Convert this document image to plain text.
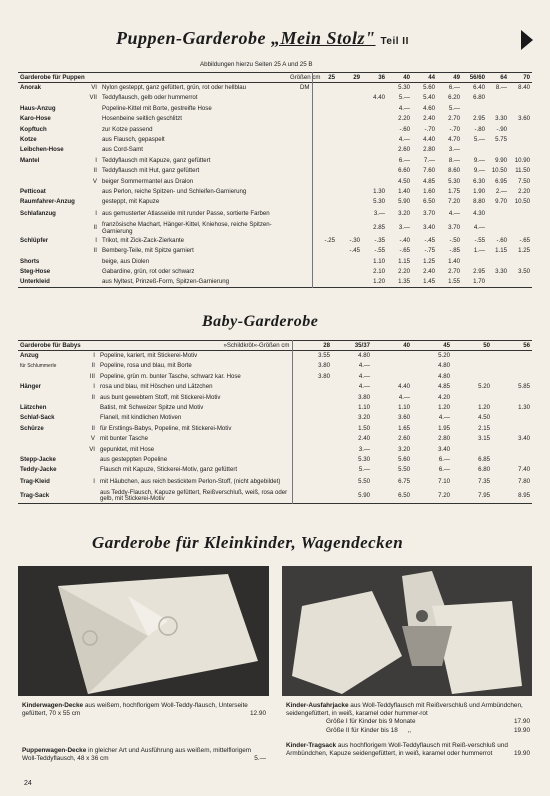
Puppen-Garderobe „Mein Stolz" Teil II
Abbildungen hierzu Seiten 25 A und 25 B
Garderobe für Puppen			Größen cm	25	29	36	40	44	49	56/60	64	70
Anorak	VI	Nylon gesteppt, ganz gefüttert, grün, rot oder hellblau	DM				5.30	5.60	6.—	6.40	8.—	8.40
	VII	Teddyflausch, gelb oder hummerrot				4.40	5.—	5.40	6.20	6.80		
Haus-Anzug		Popeline-Kittel mit Borte, gestreifte Hose					4.—	4.60	5.—			
Karo-Hose		Hosenbeine seitlich geschlitzt					2.20	2.40	2.70	2.95	3.30	3.60
Kopftuch		zur Kotze passend					-.60	-.70	-.70	-.80	-.90	
Kotze		aus Flausch, gepaspelt					4.—	4.40	4.70	5.—	5.75	
Leibchen-Hose		aus Cord-Samt					2.60	2.80	3.—			
Mantel	I	Teddyflausch mit Kapuze, ganz gefüttert					6.—	7.—	8.—	9.—	9.90	10.90
	II	Teddyflausch mit Hut, ganz gefüttert					6.60	7.60	8.60	9.—	10.50	11.50
	V	beiger Sommermantel aus Dralon					4.50	4.85	5.30	6.30	6.95	7.50
Petticoat		aus Perlon, reiche Spitzen- und Schleifen-Garnierung				1.30	1.40	1.60	1.75	1.90	2.—	2.20
Raumfahrer-Anzug		gesteppt, mit Kapuze				5.30	5.90	6.50	7.20	8.80	9.70	10.50
Schlafanzug	I	aus gemusterter Atlasseide mit runder Passe, sortierte Farben				3.—	3.20	3.70	4.—	4.30		
	II	französische Machart, Hänger-Kittel, Kniehose, reiche Spitzen-Garnierung				2.85	3.—	3.40	3.70	4.—		
Schlüpfer	I	Trikot, mit Zick-Zack-Zierkante		-.25	-.30	-.35	-.40	-.45	-.50	-.55	-.60	-.65
	II	Bemberg-Teile, mit Spitze garniert			-.45	-.55	-.65	-.75	-.85	1.—	1.15	1.25
Shorts		beige, aus Diolen				1.10	1.15	1.25	1.40			
Steg-Hose		Gabardine, grün, rot oder schwarz				2.10	2.20	2.40	2.70	2.95	3.30	3.50
Unterkleid		aus Nyltest, Prinzeß-Form, Spitzen-Garnierung				1.20	1.35	1.45	1.55	1.70		
Baby-Garderobe
Garderobe für Babys		»Schildkröt«-Größen cm	28	35/37	40	45	50	56
Anzug	I	Popeline, kariert, mit Stickerei-Motiv	3.55	4.80		5.20		
für Schlummerle	II	Popeline, rosa und blau, mit Borte	3.80	4.—		4.80		
	III	Popeline, grün m. bunter Tasche, schwarz kar. Hose	3.80	4.—		4.80		
Hänger	I	rosa und blau, mit Höschen und Lätzchen		4.—	4.40	4.85	5.20	5.85
	II	aus bunt gewebtem Stoff, mit Stickerei-Motiv		3.80	4.—	4.20		
Lätzchen		Batist, mit Schweizer Spitze und Motiv		1.10	1.10	1.20	1.20	1.30
Schlaf-Sack		Flanell, mit kindlichen Motiven		3.20	3.60	4.—	4.50	
Schürze	II	für Erstlings-Babys, Popeline, mit Stickerei-Motiv		1.50	1.65	1.95	2.15	
	V	mit bunter Tasche		2.40	2.60	2.80	3.15	3.40
	VI	gepunktet, mit Hose		3.—	3.20	3.40		
Stepp-Jacke		aus gesteppten Popeline		5.30	5.60	6.—	6.85	
Teddy-Jacke		Flausch mit Kapuze, Stickerei-Motiv, ganz gefüttert		5.—	5.50	6.—	6.80	7.40
Trag-Kleid	I	mit Häubchen, aus reich besticktem Perlon-Stoff, (nicht abgebildet)		5.50	6.75	7.10	7.35	7.80
Trag-Sack		aus Teddy-Flausch, Kapuze gefüttert, Reißverschluß, weiß, rosa oder gelb, mit Stickerei-Motiv		5.90	6.50	7.20	7.95	8.95
Garderobe für Kleinkinder, Wagendecken
Kinderwagen-Decke aus weißem, hochflorigem Woll-Teddy-flausch, Unterseite gefüttert, 70 x 55 cm	12.90
Puppenwagen-Decke in gleicher Art und Ausführung aus weißem, mittelflorigem Woll-Teddyflausch, 48 x 36 cm	5.—
Kinder-Ausfahrjacke aus Woll-Teddyflausch mit Reißverschluß und Armbündchen, seidengefüttert, in weiß, karamel oder hummer-rot
Größe I für Kinder bis 9 Monate	17.90
Größe II für Kinder bis 18 ,,	19.90
Kinder-Tragsack aus hochflorigem Woll-Teddyflausch mit Reiß-verschluß und Armbündchen, Kapuze seidengefüttert, in weiß, karamel oder hummerrot	19.90
24
